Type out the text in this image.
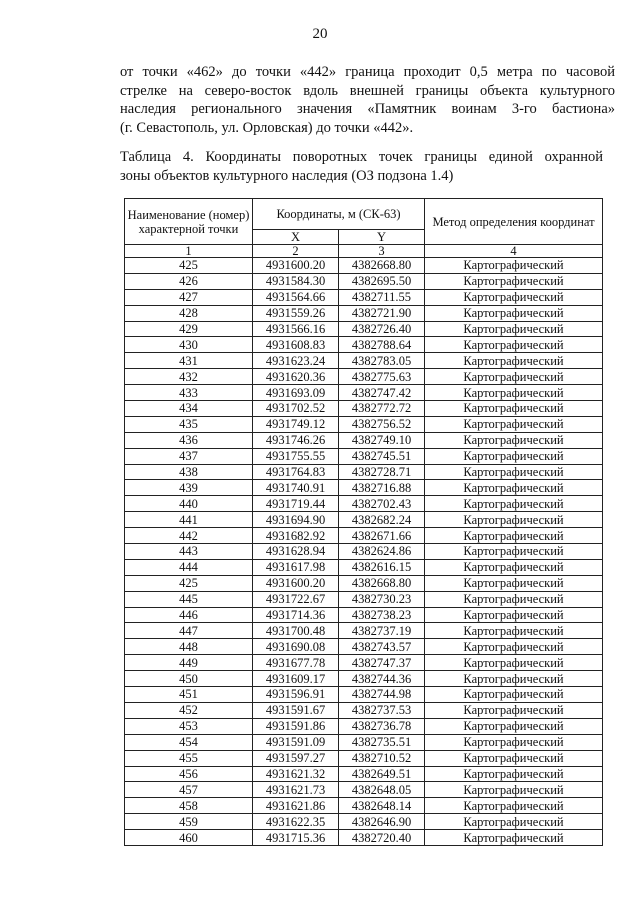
20

от точки «462» до точки «442» граница проходит 0,5 метра по часовой
стрелке на северо-восток вдоль внешней границы объекта культурного
наследия регионального значения «Памятник воинам 3-го бастиона»
(г. Севастополь, ул. Орловская) до точки «442».

Таблица 4. Координаты поворотных точек границы единой охранной
зоны объектов культурного наследия (ОЗ подзона 1.4)

Наименование (номер) характерной точки	Координаты, м (СК-63)		Метод определения координат
	X	Y	
1	2	3	4
425	4931600.20	4382668.80	Картографический
426	4931584.30	4382695.50	Картографический
427	4931564.66	4382711.55	Картографический
428	4931559.26	4382721.90	Картографический
429	4931566.16	4382726.40	Картографический
430	4931608.83	4382788.64	Картографический
431	4931623.24	4382783.05	Картографический
432	4931620.36	4382775.63	Картографический
433	4931693.09	4382747.42	Картографический
434	4931702.52	4382772.72	Картографический
435	4931749.12	4382756.52	Картографический
436	4931746.26	4382749.10	Картографический
437	4931755.55	4382745.51	Картографический
438	4931764.83	4382728.71	Картографический
439	4931740.91	4382716.88	Картографический
440	4931719.44	4382702.43	Картографический
441	4931694.90	4382682.24	Картографический
442	4931682.92	4382671.66	Картографический
443	4931628.94	4382624.86	Картографический
444	4931617.98	4382616.15	Картографический
425	4931600.20	4382668.80	Картографический
445	4931722.67	4382730.23	Картографический
446	4931714.36	4382738.23	Картографический
447	4931700.48	4382737.19	Картографический
448	4931690.08	4382743.57	Картографический
449	4931677.78	4382747.37	Картографический
450	4931609.17	4382744.36	Картографический
451	4931596.91	4382744.98	Картографический
452	4931591.67	4382737.53	Картографический
453	4931591.86	4382736.78	Картографический
454	4931591.09	4382735.51	Картографический
455	4931597.27	4382710.52	Картографический
456	4931621.32	4382649.51	Картографический
457	4931621.73	4382648.05	Картографический
458	4931621.86	4382648.14	Картографический
459	4931622.35	4382646.90	Картографический
460	4931715.36	4382720.40	Картографический
